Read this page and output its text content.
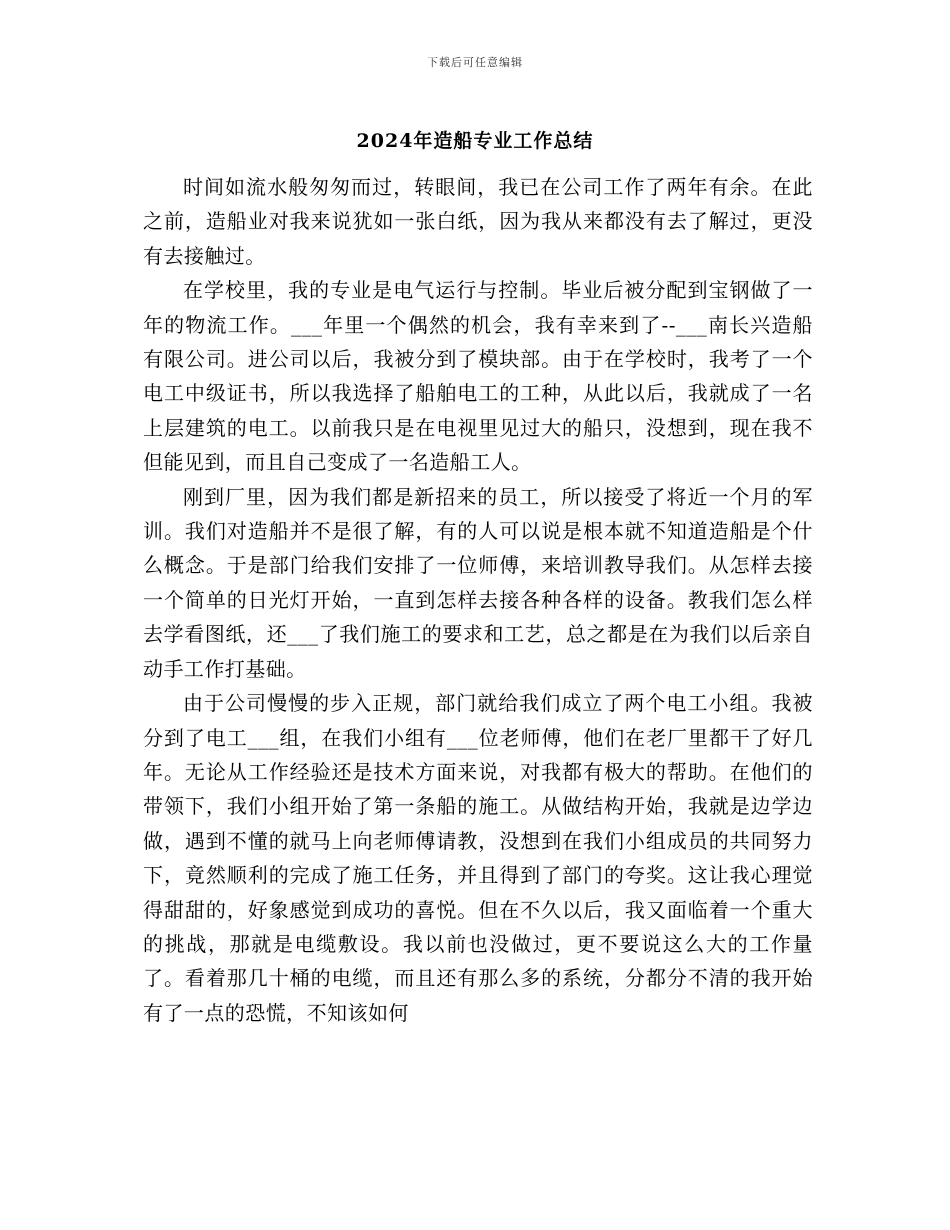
下载后可任意编辑
2024年造船专业工作总结

时间如流水般匆匆而过，转眼间，我已在公司工作了两年有余。在此之前，造船业对我来说犹如一张白纸，因为我从来都没有去了解过，更没有去接触过。

在学校里，我的专业是电气运行与控制。毕业后被分配到宝钢做了一年的物流工作。___年里一个偶然的机会，我有幸来到了--___南长兴造船有限公司。进公司以后，我被分到了模块部。由于在学校时，我考了一个电工中级证书，所以我选择了船舶电工的工种，从此以后，我就成了一名上层建筑的电工。以前我只是在电视里见过大的船只，没想到，现在我不但能见到，而且自己变成了一名造船工人。

刚到厂里，因为我们都是新招来的员工，所以接受了将近一个月的军训。我们对造船并不是很了解，有的人可以说是根本就不知道造船是个什么概念。于是部门给我们安排了一位师傅，来培训教导我们。从怎样去接一个简单的日光灯开始，一直到怎样去接各种各样的设备。教我们怎么样去学看图纸，还___了我们施工的要求和工艺，总之都是在为我们以后亲自动手工作打基础。

由于公司慢慢的步入正规，部门就给我们成立了两个电工小组。我被分到了电工___组，在我们小组有___位老师傅，他们在老厂里都干了好几年。无论从工作经验还是技术方面来说，对我都有极大的帮助。在他们的带领下，我们小组开始了第一条船的施工。从做结构开始，我就是边学边做，遇到不懂的就马上向老师傅请教，没想到在我们小组成员的共同努力下，竟然顺利的完成了施工任务，并且得到了部门的夸奖。这让我心理觉得甜甜的，好象感觉到成功的喜悦。但在不久以后，我又面临着一个重大的挑战，那就是电缆敷设。我以前也没做过，更不要说这么大的工作量了。看着那几十桶的电缆，而且还有那么多的系统，分都分不清的我开始有了一点的恐慌，不知该如何
